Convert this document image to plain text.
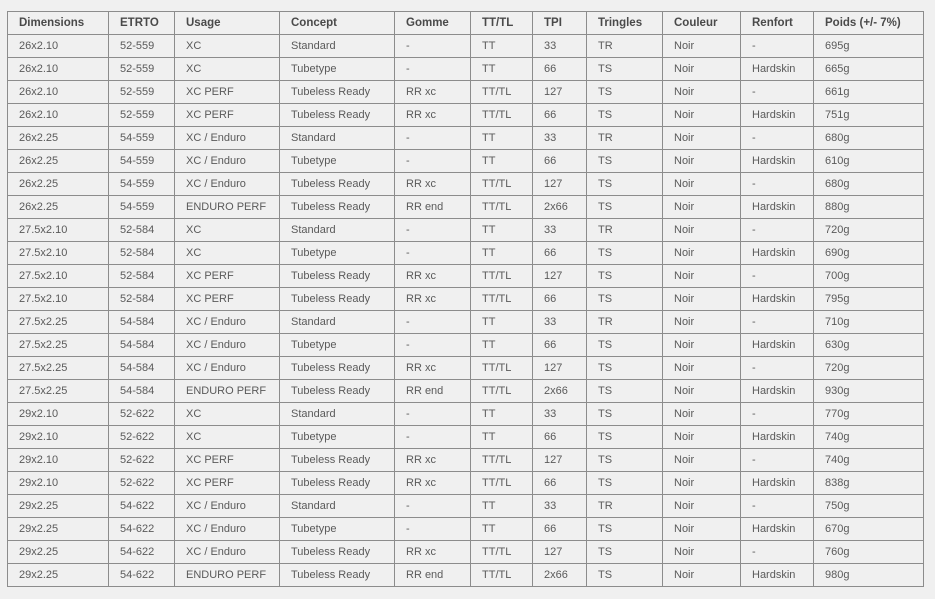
Dimensions	ETRTO	Usage	Concept	Gomme	TT/TL	TPI	Tringles	Couleur	Renfort	Poids (+/- 7%)
26x2.10	52-559	XC	Standard	-	TT	33	TR	Noir	-	695g
26x2.10	52-559	XC	Tubetype	-	TT	66	TS	Noir	Hardskin	665g
26x2.10	52-559	XC PERF	Tubeless Ready	RR xc	TT/TL	127	TS	Noir	-	661g
26x2.10	52-559	XC PERF	Tubeless Ready	RR xc	TT/TL	66	TS	Noir	Hardskin	751g
26x2.25	54-559	XC / Enduro	Standard	-	TT	33	TR	Noir	-	680g
26x2.25	54-559	XC / Enduro	Tubetype	-	TT	66	TS	Noir	Hardskin	610g
26x2.25	54-559	XC / Enduro	Tubeless Ready	RR xc	TT/TL	127	TS	Noir	-	680g
26x2.25	54-559	ENDURO PERF	Tubeless Ready	RR end	TT/TL	2x66	TS	Noir	Hardskin	880g
27.5x2.10	52-584	XC	Standard	-	TT	33	TR	Noir	-	720g
27.5x2.10	52-584	XC	Tubetype	-	TT	66	TS	Noir	Hardskin	690g
27.5x2.10	52-584	XC PERF	Tubeless Ready	RR xc	TT/TL	127	TS	Noir	-	700g
27.5x2.10	52-584	XC PERF	Tubeless Ready	RR xc	TT/TL	66	TS	Noir	Hardskin	795g
27.5x2.25	54-584	XC / Enduro	Standard	-	TT	33	TR	Noir	-	710g
27.5x2.25	54-584	XC / Enduro	Tubetype	-	TT	66	TS	Noir	Hardskin	630g
27.5x2.25	54-584	XC / Enduro	Tubeless Ready	RR xc	TT/TL	127	TS	Noir	-	720g
27.5x2.25	54-584	ENDURO PERF	Tubeless Ready	RR end	TT/TL	2x66	TS	Noir	Hardskin	930g
29x2.10	52-622	XC	Standard	-	TT	33	TS	Noir	-	770g
29x2.10	52-622	XC	Tubetype	-	TT	66	TS	Noir	Hardskin	740g
29x2.10	52-622	XC PERF	Tubeless Ready	RR xc	TT/TL	127	TS	Noir	-	740g
29x2.10	52-622	XC PERF	Tubeless Ready	RR xc	TT/TL	66	TS	Noir	Hardskin	838g
29x2.25	54-622	XC / Enduro	Standard	-	TT	33	TR	Noir	-	750g
29x2.25	54-622	XC / Enduro	Tubetype	-	TT	66	TS	Noir	Hardskin	670g
29x2.25	54-622	XC / Enduro	Tubeless Ready	RR xc	TT/TL	127	TS	Noir	-	760g
29x2.25	54-622	ENDURO PERF	Tubeless Ready	RR end	TT/TL	2x66	TS	Noir	Hardskin	980g
